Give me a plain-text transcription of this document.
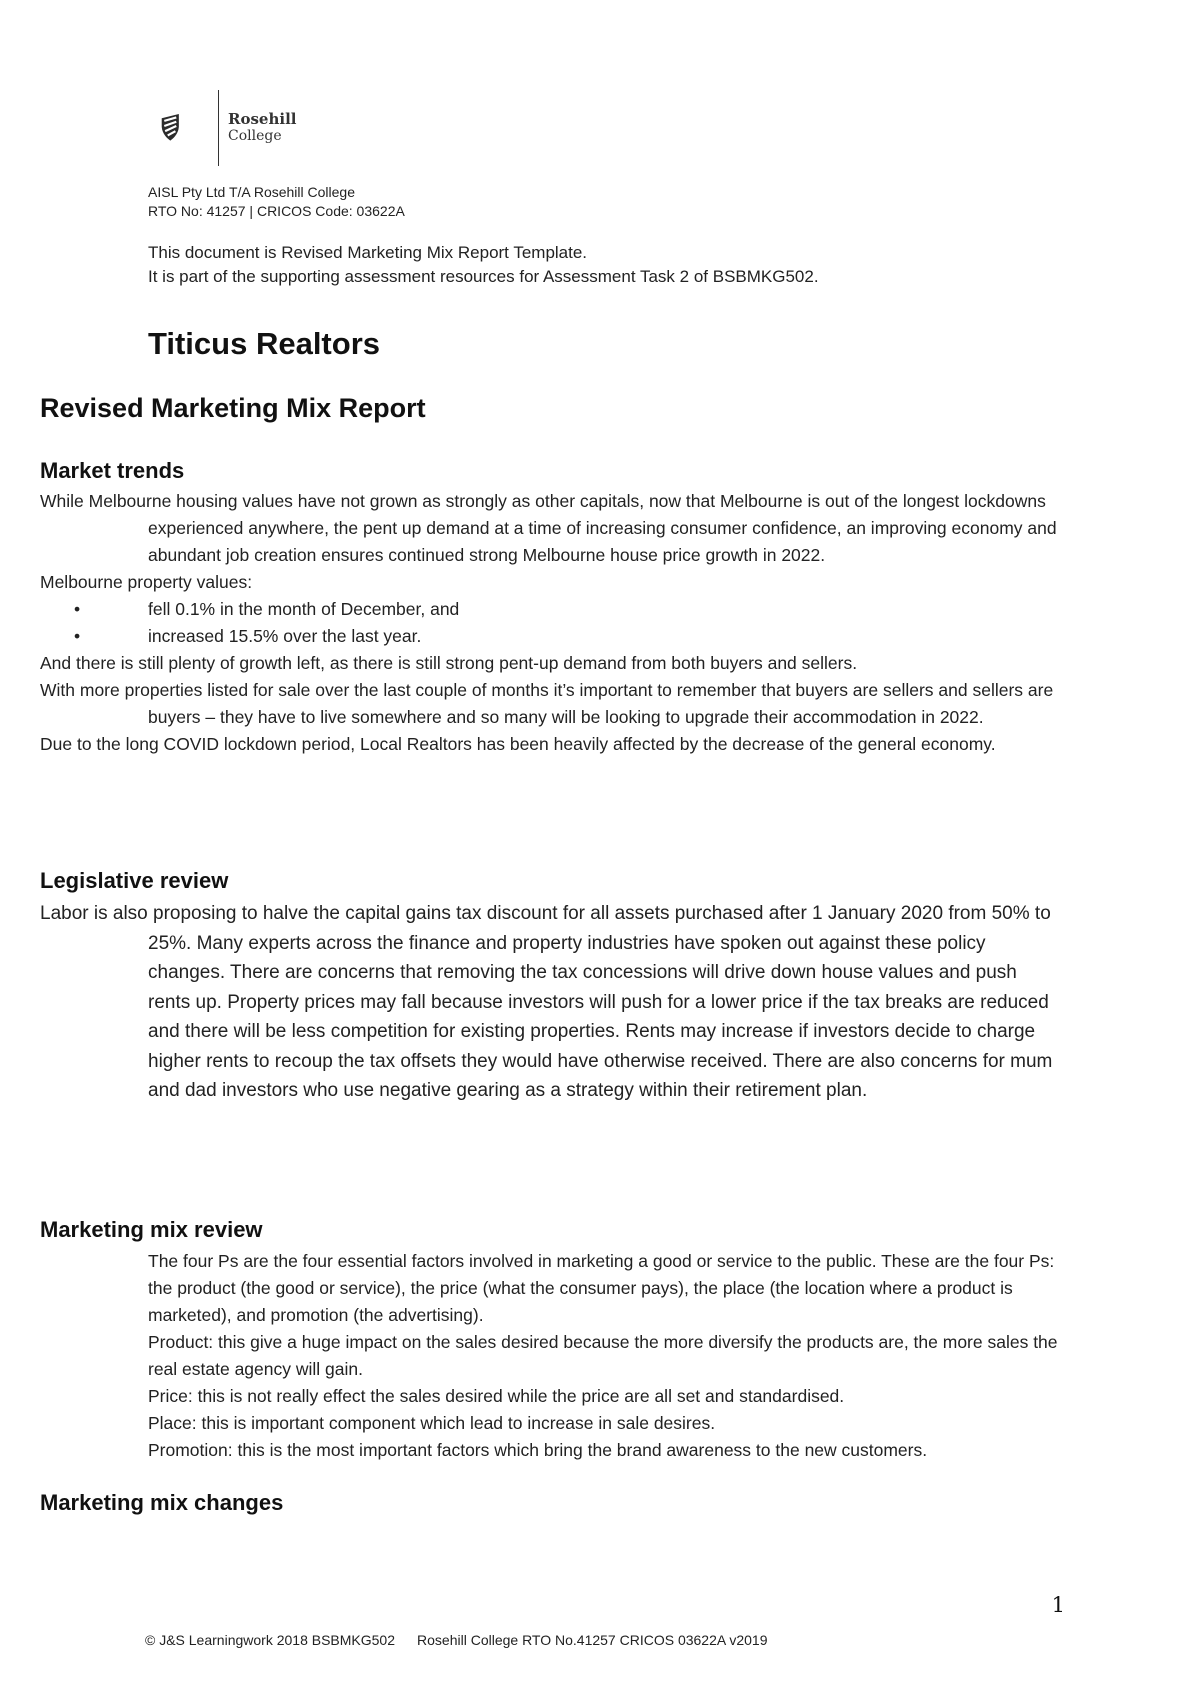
Rosehill
College
AISL Pty Ltd T/A Rosehill College
RTO No: 41257 | CRICOS Code: 03622A
This document is Revised Marketing Mix Report Template.
It is part of the supporting assessment resources for Assessment Task 2 of BSBMKG502.
Titicus Realtors
Revised Marketing Mix Report
Market trends

While Melbourne housing values have not grown as strongly as other capitals, now that Melbourne is out of the longest lockdowns experienced anywhere, the pent up demand at a time of increasing consumer confidence, an improving economy and abundant job creation ensures continued strong Melbourne house price growth in 2022.

Melbourne property values:

•	fell 0.1% in the month of December, and

•	increased 15.5% over the last year.

And there is still plenty of growth left, as there is still strong pent-up demand from both buyers and sellers.

With more properties listed for sale over the last couple of months it’s important to remember that buyers are sellers and sellers are buyers – they have to live somewhere and so many will be looking to upgrade their accommodation in 2022.

Due to the long COVID lockdown period, Local Realtors has been heavily affected by the decrease of the general economy.

Legislative review

Labor is also proposing to halve the capital gains tax discount for all assets purchased after 1 January 2020 from 50% to 25%. Many experts across the finance and property industries have spoken out against these policy changes. There are concerns that removing the tax concessions will drive down house values and push rents up. Property prices may fall because investors will push for a lower price if the tax breaks are reduced and there will be less competition for existing properties. Rents may increase if investors decide to charge higher rents to recoup the tax offsets they would have otherwise received. There are also concerns for mum and dad investors who use negative gearing as a strategy within their retirement plan.

Marketing mix review

The four Ps are the four essential factors involved in marketing a good or service to the public. These are the four Ps: the product (the good or service), the price (what the consumer pays), the place (the location where a product is marketed), and promotion (the advertising).

Product: this give a huge impact on the sales desired because the more diversify the products are, the more sales the real estate agency will gain.

Price: this is not really effect the sales desired while the price are all set and standardised.

Place: this is important component which lead to increase in sale desires.

Promotion: this is the most important factors which bring the brand awareness to the new customers.

Marketing mix changes
1
© J&S Learningwork 2018 BSBMKG502 Rosehill College RTO No.41257 CRICOS 03622A v2019
